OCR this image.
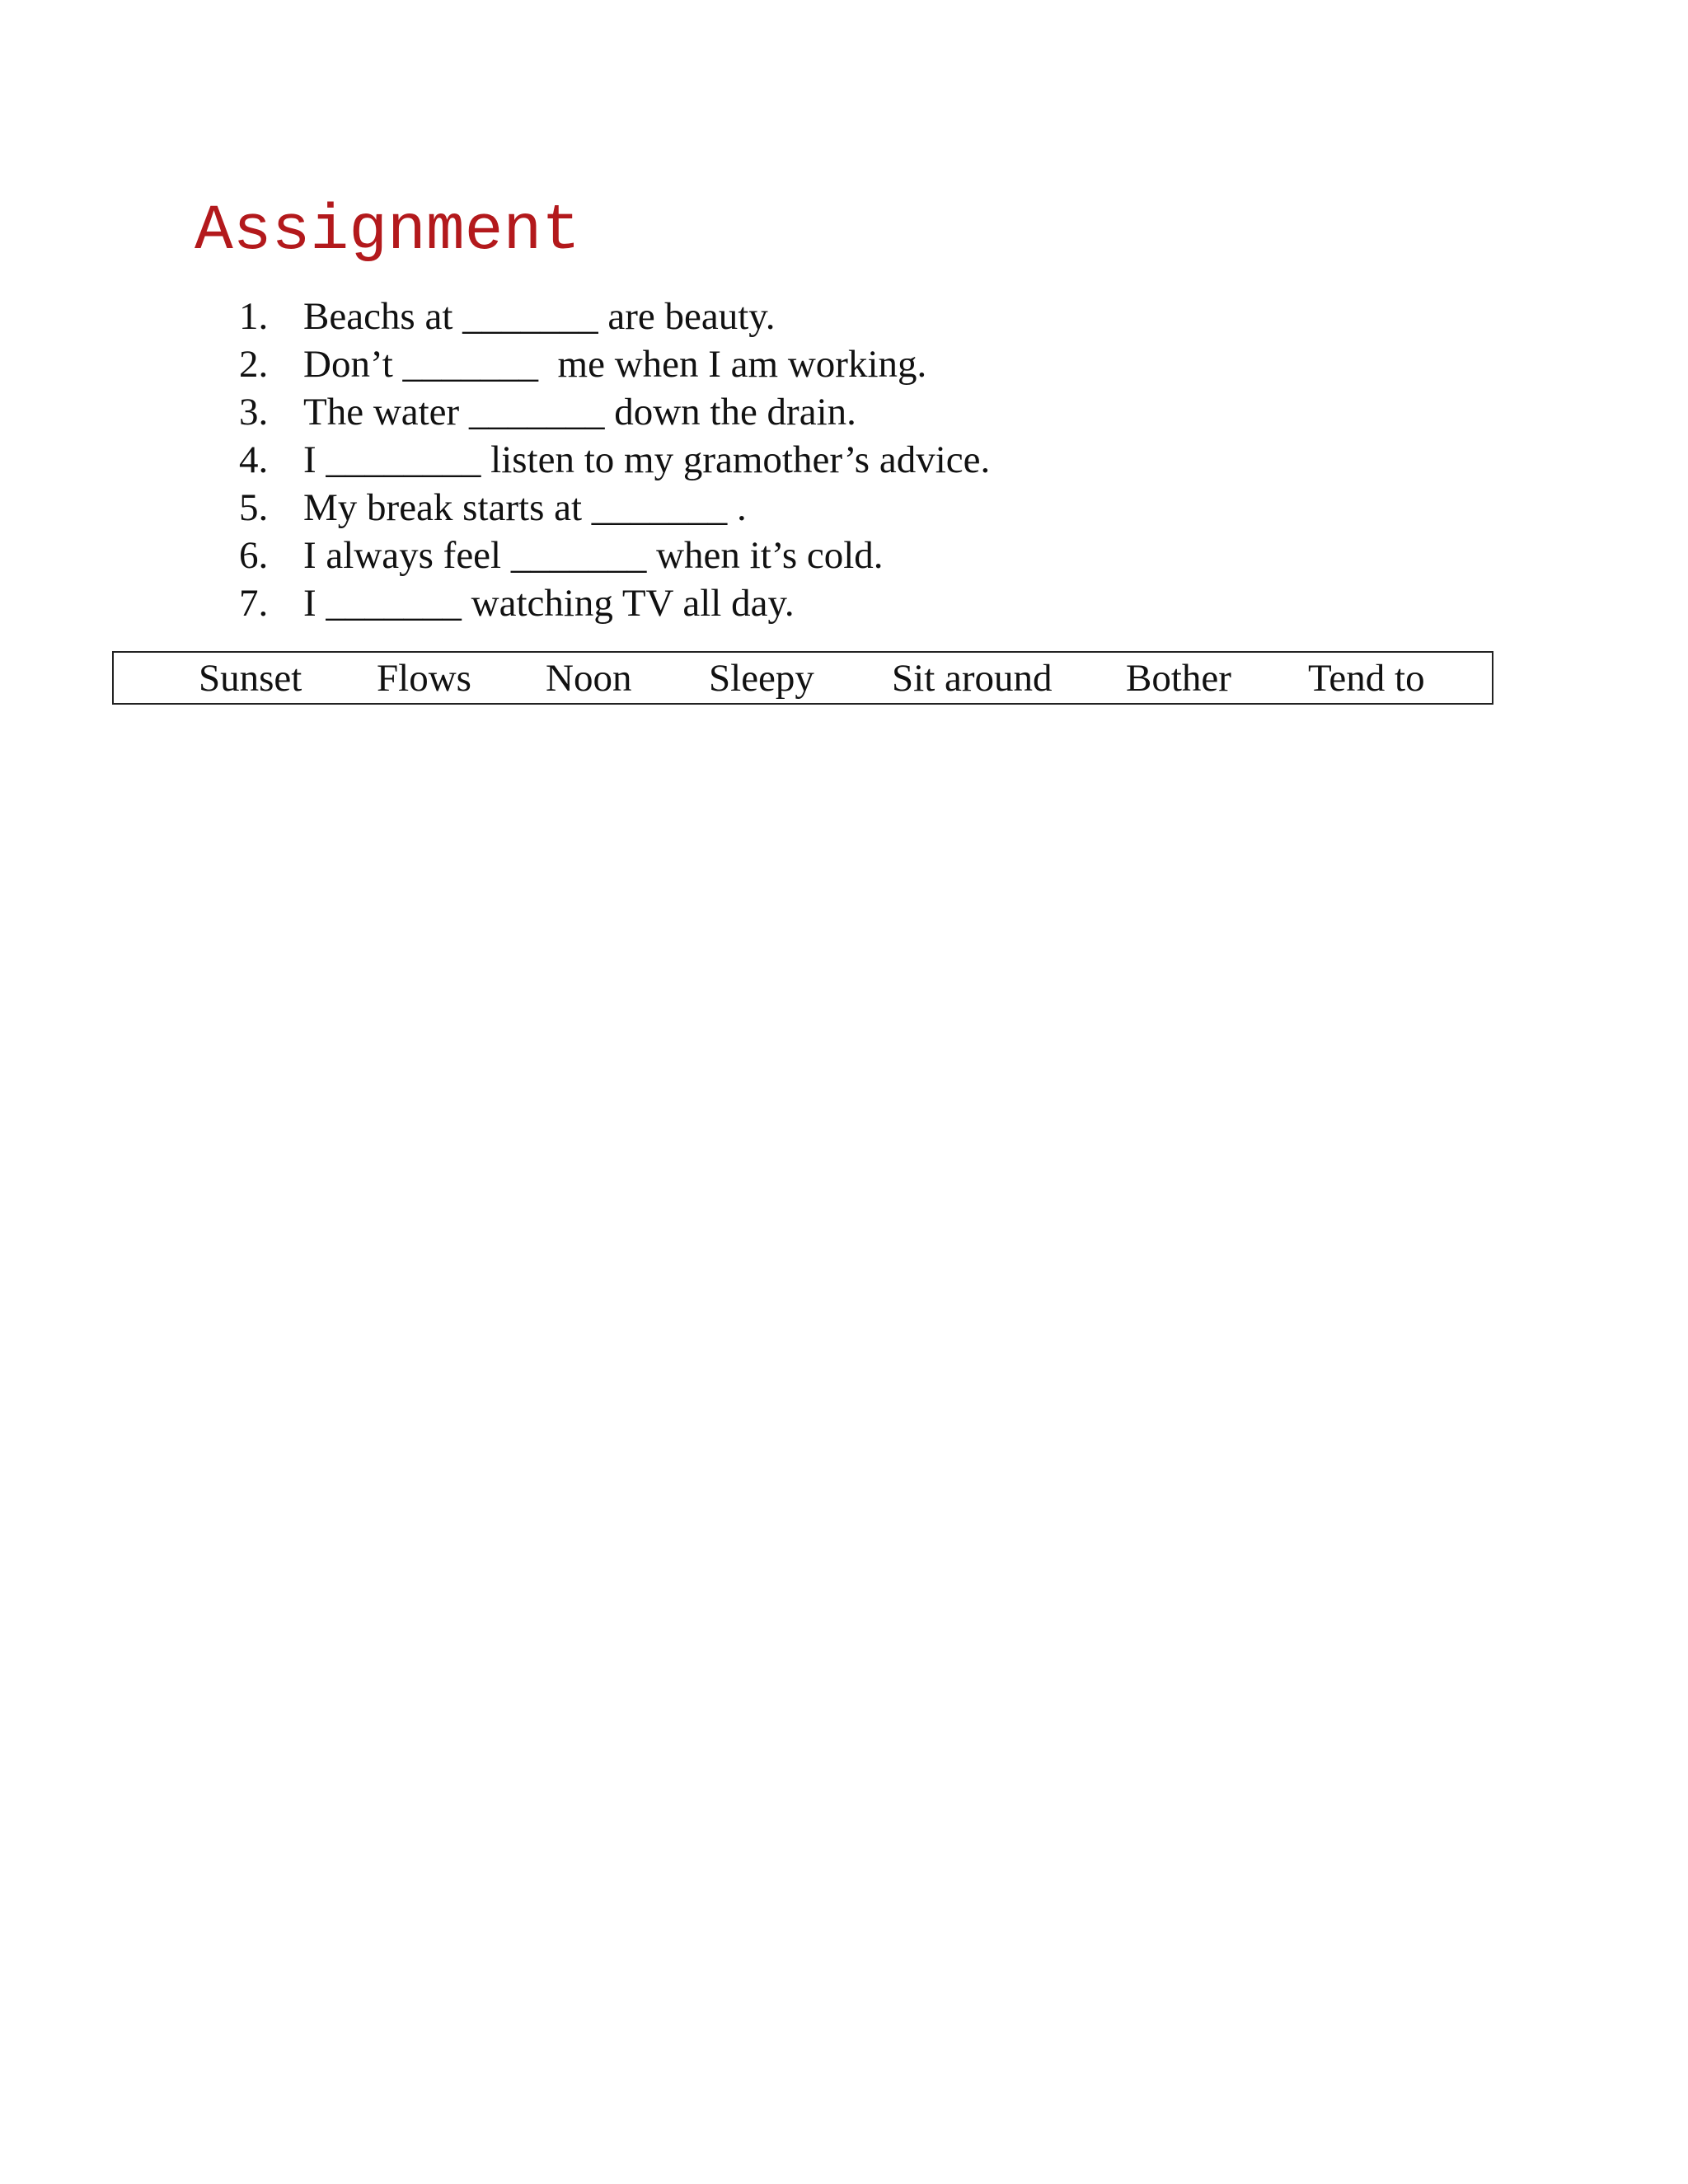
Assignment
1. Beachs at _______ are beauty.
2. Don’t _______  me when I am working.
3. The water _______ down the drain.
4. I ________ listen to my gramother’s advice.
5. My break starts at _______ .
6. I always feel _______ when it’s cold.
7. I _______ watching TV all day.
Sunset Flows Noon Sleepy Sit around Bother Tend to
